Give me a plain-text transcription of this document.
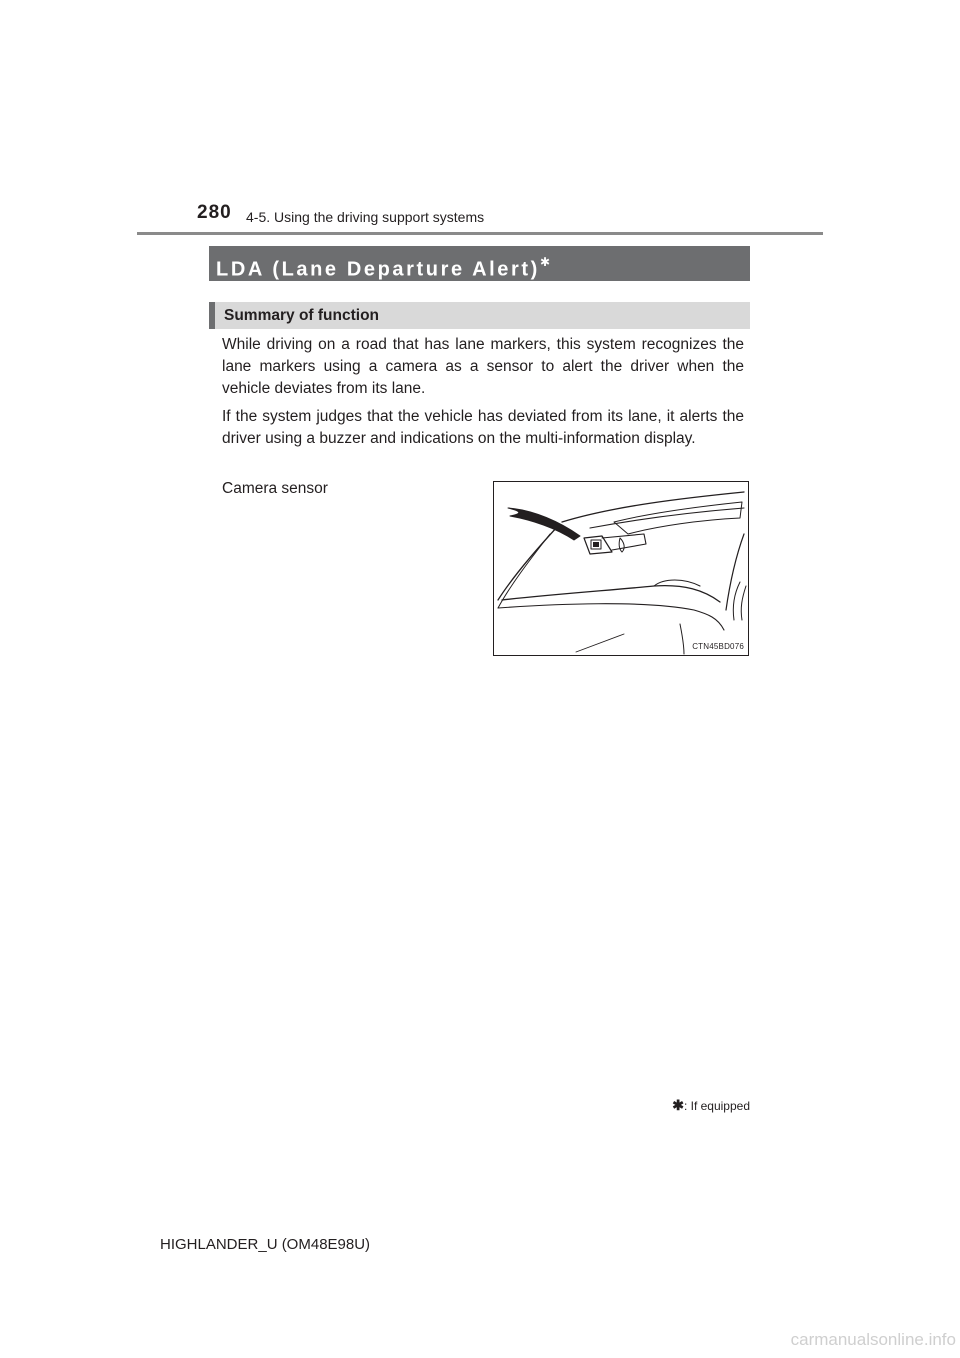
280 4-5. Using the driving support systems
LDA (Lane Departure Alert)✱
Summary of function

While driving on a road that has lane markers, this system recognizes the lane markers using a camera as a sensor to alert the driver when the vehicle deviates from its lane.

If the system judges that the vehicle has deviated from its lane, it alerts the driver using a buzzer and indications on the multi-information display.

Camera sensor
CTN45BD076
✱: If equipped
HIGHLANDER_U (OM48E98U)
carmanualsonline.info
